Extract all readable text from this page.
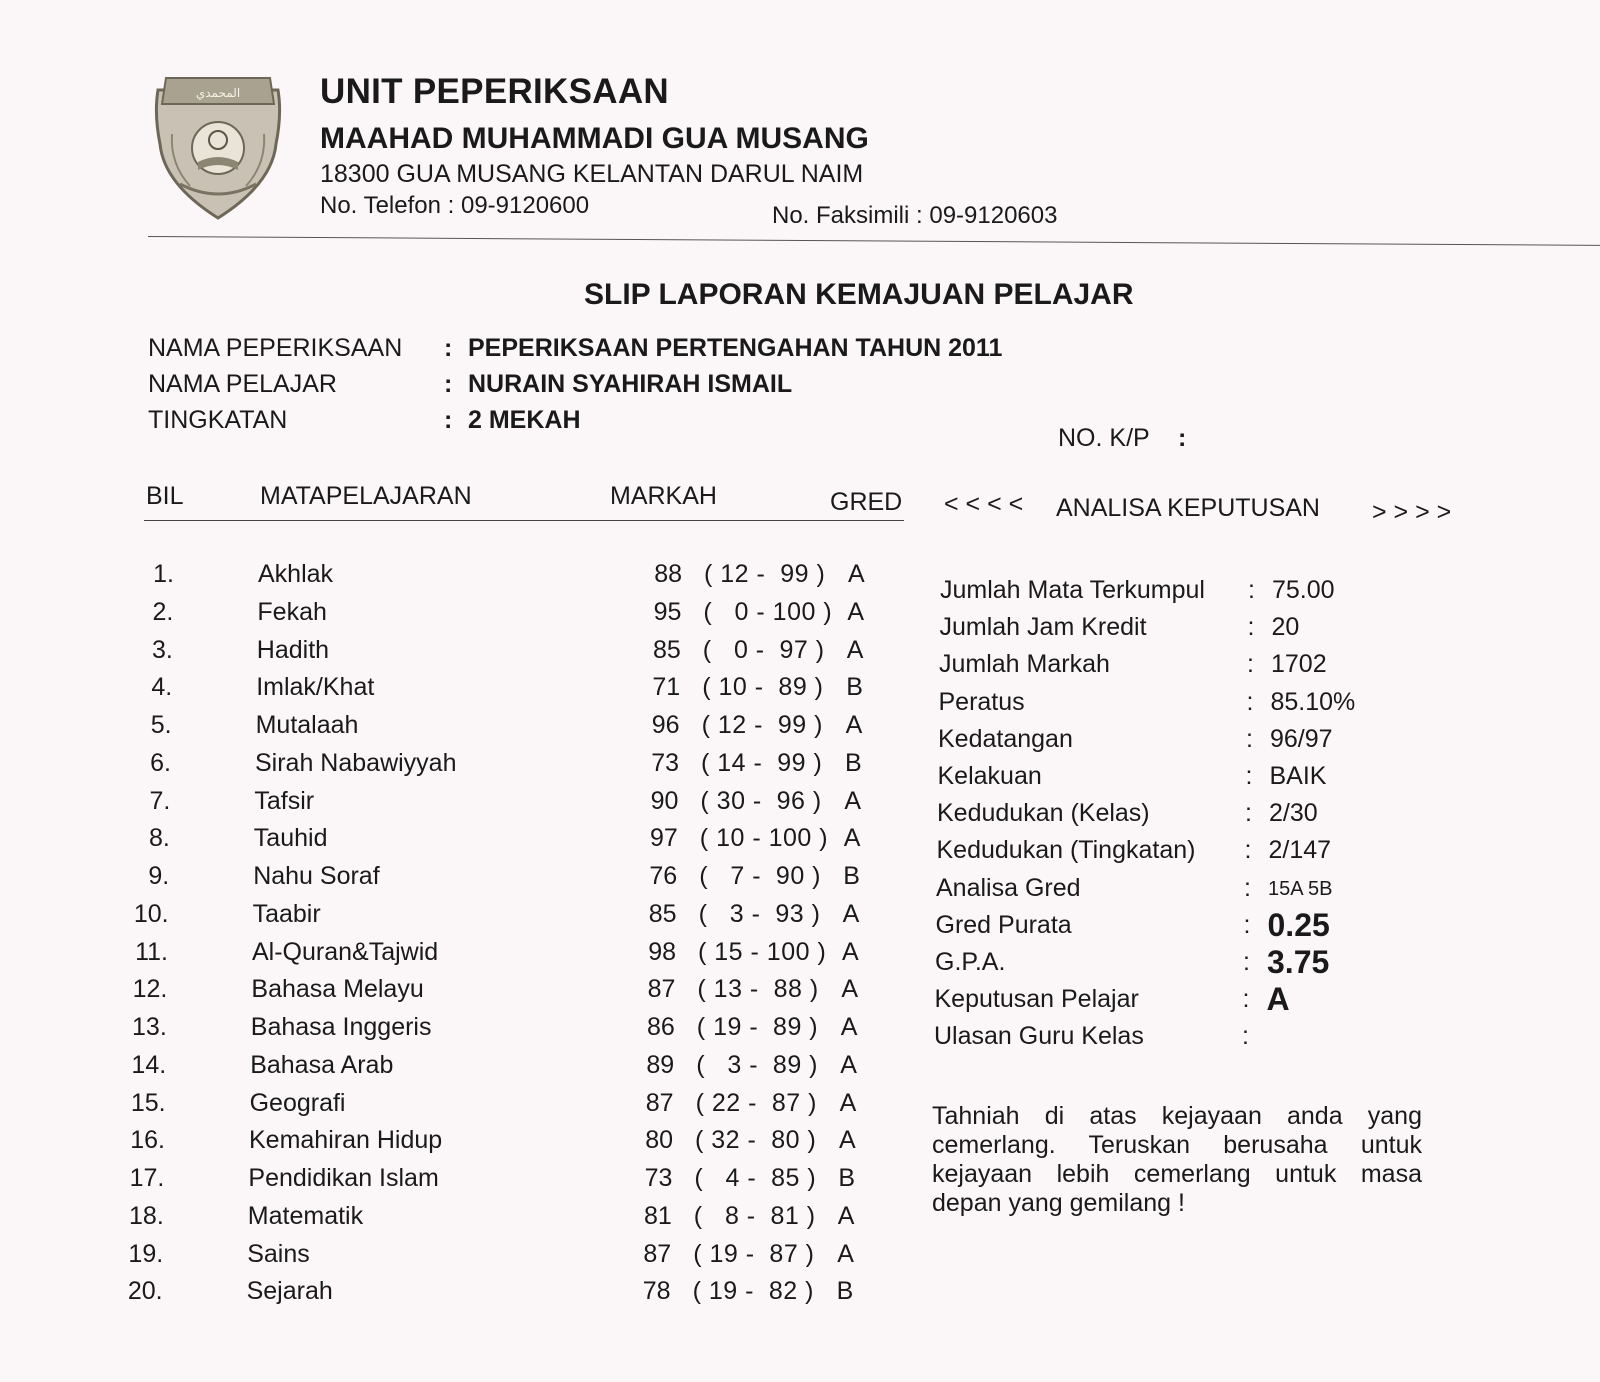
المحمدي UNIT PEPERIKSAAN
MAAHAD MUHAMMADI GUA MUSANG
18300 GUA MUSANG KELANTAN DARUL NAIM
No. Telefon : 09-9120600	No. Faksimili : 09-9120603
SLIP LAPORAN KEMAJUAN PELAJAR
NAMA PEPERIKSAAN : PEPERIKSAAN PERTENGAHAN TAHUN 2011
NAMA PELAJAR	: NURAIN SYAHIRAH ISMAIL
TINGKATAN	: 2 MEKAH
NO. K/P :
BIL	MATAPELAJARAN	MARKAH	GRED < < < < ANALISA KEPUTUSAN > > > >
1.	Akhlak	88 ( 12 -  99 ) A
2.	Fekah	95 (   0 - 100 ) A
3.	Hadith	85 (   0 -  97 ) A
4.	Imlak/Khat	71 ( 10 -  89 ) B
5.	Mutalaah	96 ( 12 -  99 ) A
6.	Sirah Nabawiyyah	73 ( 14 -  99 ) B
7.	Tafsir	90 ( 30 -  96 ) A
8.	Tauhid	97 ( 10 - 100 ) A
9.	Nahu Soraf	76 (   7 -  90 ) B
10.	Taabir	85 (   3 -  93 ) A
11.	Al-Quran&Tajwid	98 ( 15 - 100 ) A
12.	Bahasa Melayu	87 ( 13 -  88 ) A
13.	Bahasa Inggeris	86 ( 19 -  89 ) A
14.	Bahasa Arab	89 (   3 -  89 ) A
15.	Geografi	87 ( 22 -  87 ) A
16.	Kemahiran Hidup	80 ( 32 -  80 ) A
17.	Pendidikan Islam	73 (   4 -  85 ) B
18.	Matematik	81 (   8 -  81 ) A
19.	Sains	87 ( 19 -  87 ) A
20.	Sejarah	78 ( 19 -  82 ) B
Jumlah Mata Terkumpul : 75.00
Jumlah Jam Kredit	: 20
Jumlah Markah	: 1702
Peratus	: 85.10%
Kedatangan	: 96/97
Kelakuan	: BAIK
Kedudukan (Kelas)	: 2/30
Kedudukan (Tingkatan) : 2/147
Analisa Gred	: 15A 5B
Gred Purata	: 0.25
G.P.A.	: 3.75
Keputusan Pelajar	: A
Ulasan Guru Kelas	:
Tahniah di atas kejayaan anda yang cemerlang. Teruskan berusaha untuk kejayaan lebih cemerlang untuk masa depan yang gemilang !
